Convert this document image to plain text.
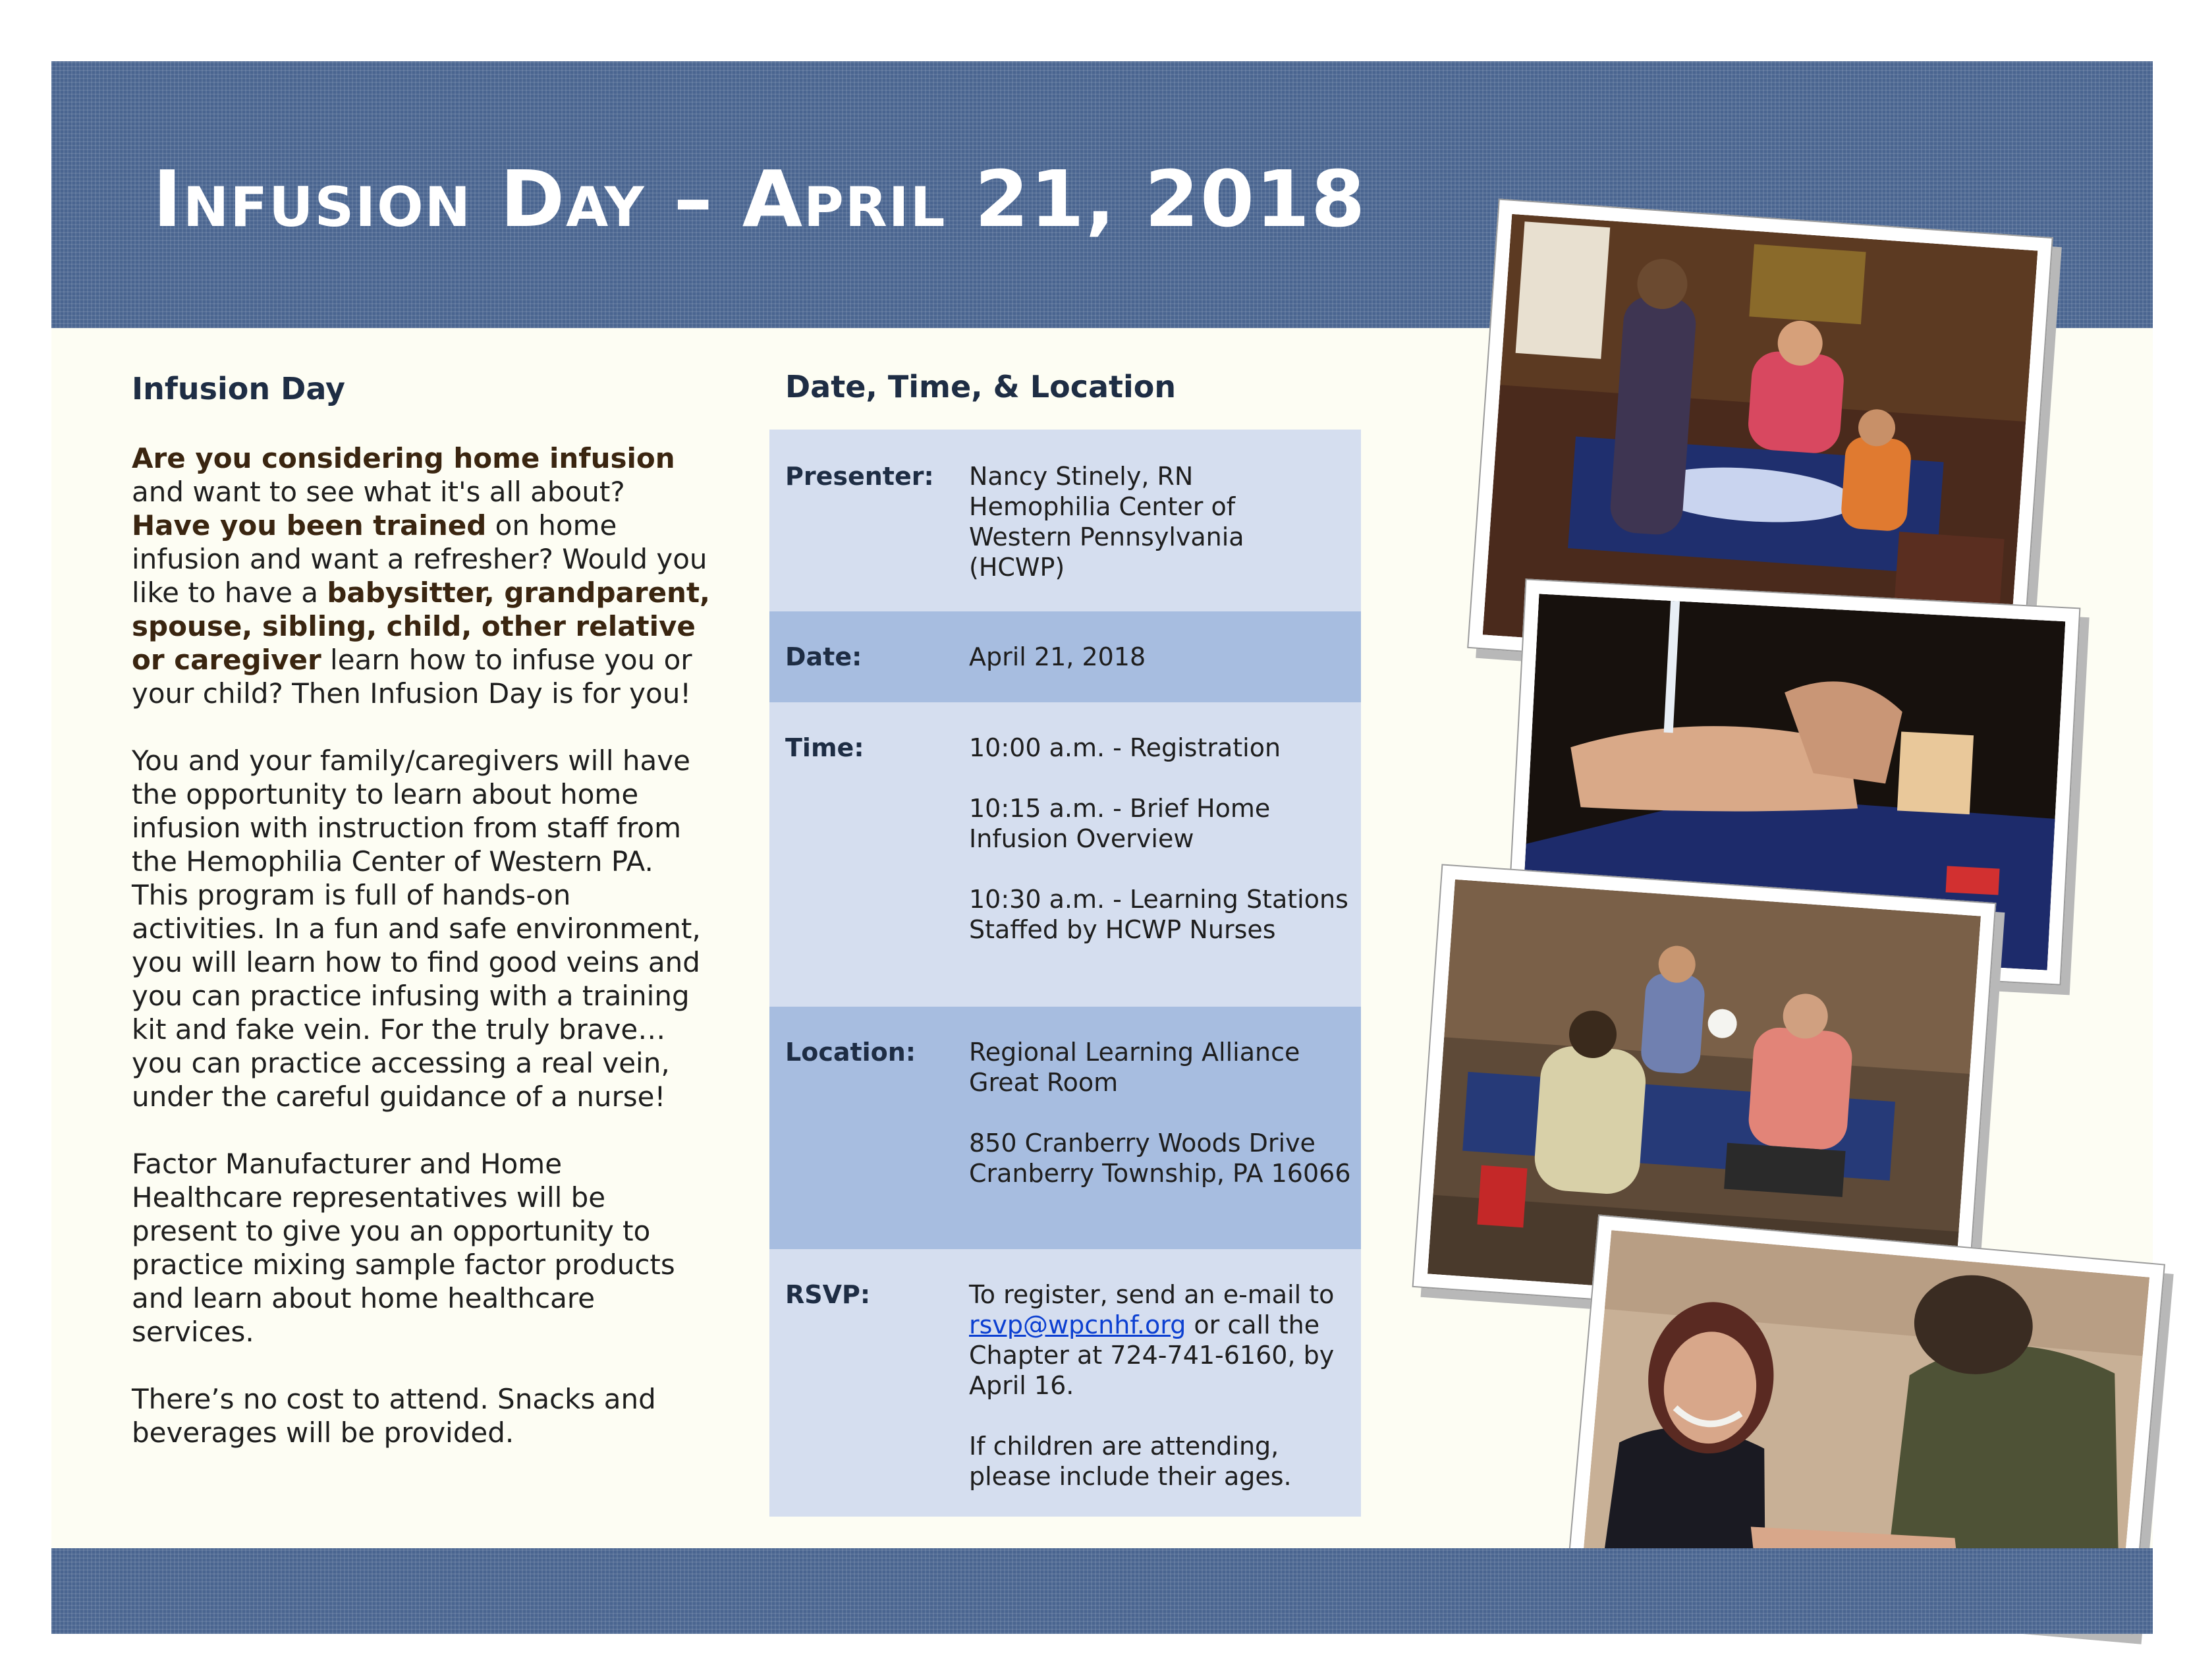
Infusion Day – April 21, 2018
Infusion Day

Are you considering home infusion and want to see what it's all about? Have you been trained on home infusion and want a refresher? Would you like to have a babysitter, grandparent, spouse, sibling, child, other relative or caregiver learn how to infuse you or your child? Then Infusion Day is for you!

You and your family/caregivers will have the opportunity to learn about home infusion with instruction from staff from the Hemophilia Center of Western PA. This program is full of hands-on activities. In a fun and safe environment, you will learn how to find good veins and you can practice infusing with a training kit and fake vein. For the truly brave…you can practice accessing a real vein, under the careful guidance of a nurse!

Factor Manufacturer and Home Healthcare representatives will be present to give you an opportunity to practice mixing sample factor products and learn about home healthcare services.

There’s no cost to attend. Snacks and beverages will be provided.

Date, Time, & Location
Presenter: Nancy Stinely, RN
Hemophilia Center of
Western Pennsylvania
(HCWP)
Date:	April 21, 2018
Time:	10:00 a.m. - Registration

10:15 a.m. - Brief Home Infusion Overview

10:30 a.m. - Learning Stations Staffed by HCWP Nurses

Location: Regional Learning Alliance Great Room

850 Cranberry Woods Drive Cranberry Township, PA 16066

RSVP:	To register, send an e-mail to rsvp@wpcnhf.org or call the Chapter at 724-741-6160, by April 16.

If children are attending, please include their ages.
